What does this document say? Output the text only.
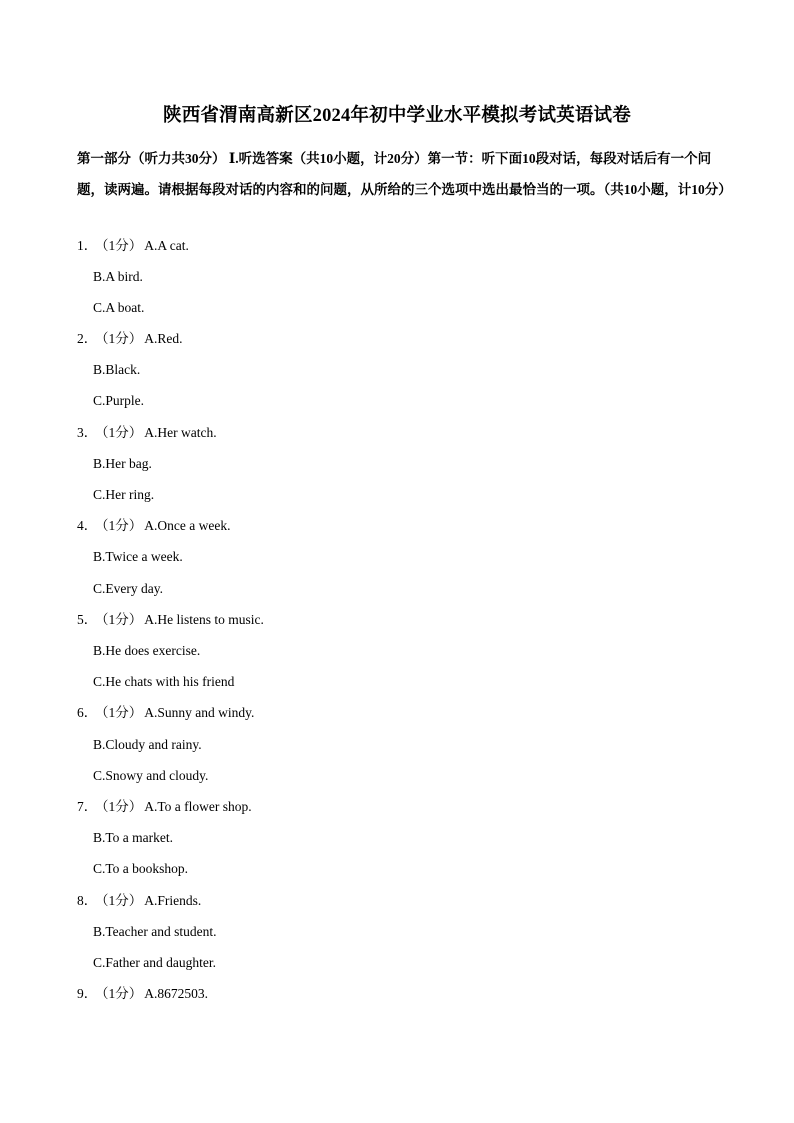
陕西省渭南高新区2024年初中学业水平模拟考试英语试卷
第一部分（听力共30分） Ⅰ.听选答案（共10小题，计20分）第一节：听下面10段对话，每段对话后有一个问题，读两遍。请根据每段对话的内容和的问题，从所给的三个选项中选出最恰当的一项。（共10小题，计10分）
1．（1分） A.A cat.
B.A bird.
C.A boat.
2．（1分） A.Red.
B.Black.
C.Purple.
3．（1分） A.Her watch.
B.Her bag.
C.Her ring.
4．（1分） A.Once a week.
B.Twice a week.
C.Every day.
5．（1分） A.He listens to music.
B.He does exercise.
C.He chats with his friend
6．（1分） A.Sunny and windy.
B.Cloudy and rainy.
C.Snowy and cloudy.
7．（1分） A.To a flower shop.
B.To a market.
C.To a bookshop.
8．（1分） A.Friends.
B.Teacher and student.
C.Father and daughter.
9．（1分） A.8672503.
